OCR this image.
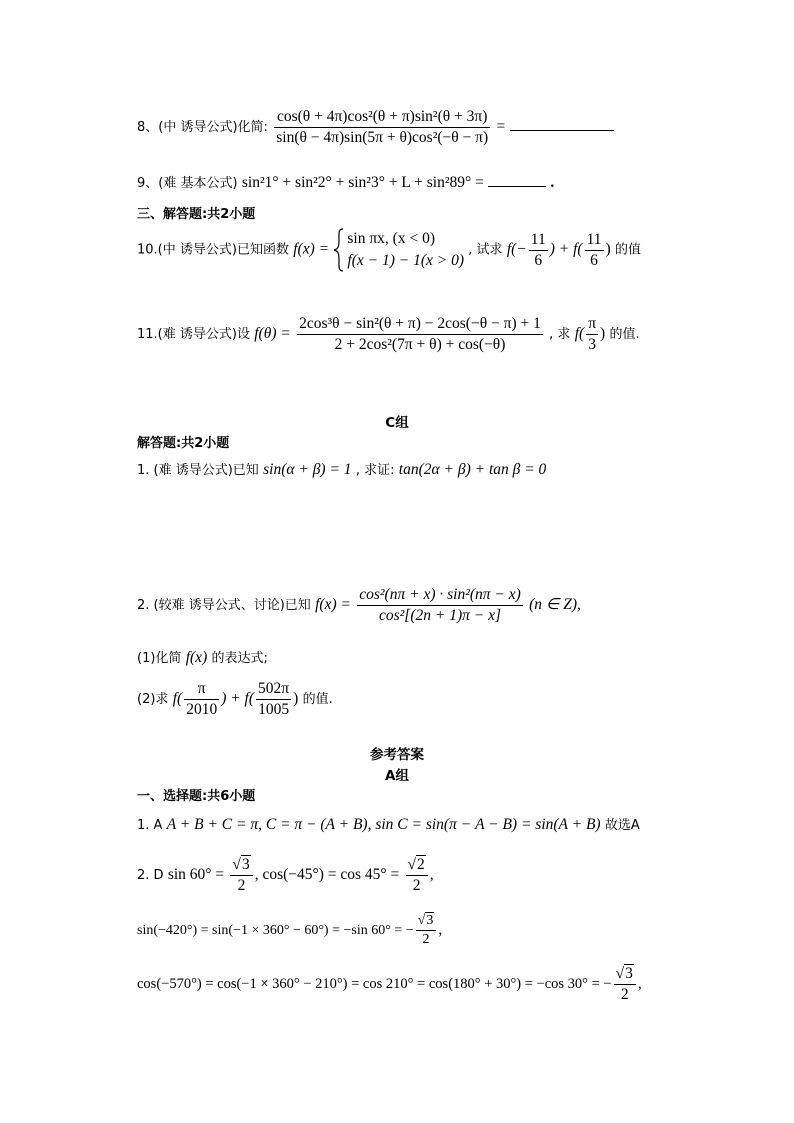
8、(中 诱导公式)化简: $\frac{\text{cos(θ + 4π)cos²(θ + π)sin²(θ + 3π)}}{\text{sin(θ − 4π)sin(5π + θ)cos²(−θ − π)}}$ =
9、(难 基本公式) sin²1° + sin²2° + sin²3° + L + sin²89° =	.
三、解答题:共2小题
10.(中 诱导公式)已知函数 f(x) =
sin πx, (x < 0)
f(x − 1) − 1(x > 0)
, 试求 $f(- \frac{11}{6}$ ) + $f( \frac{11}{6}$ ) 的值
11.(难 诱导公式)设 $f(\theta) = \frac{\text{2cos³θ − sin²(θ + π) − 2cos(−θ − π) + 1}}{\text{2 + 2cos²(7π + θ) + cos(−θ)}}$ , 求 $f( \frac{\pi}{3}$ ) 的值.
C组
解答题:共2小题
1. (难 诱导公式)已知 sin(α + β) = 1 , 求证: tan(2α + β) + tan β = 0
2. (较难 诱导公式、讨论)已知 $f(x) = \frac{\text{cos²(nπ + x) · sin²(nπ − x)}}{\text{cos²[(2n + 1)π − x]}} (n$ ∈ Z),
(1)化简 f(x) 的表达式;
(2)求 $f( \frac{\pi}{2010}$ ) + $f( \frac{502\pi}{1005}$ ) 的值.
参考答案
A组
一、选择题:共6小题
1. A A + B + C = π, C = π − (A + B), sin C = sin(π − A − B) = sin(A + B) 故选A
2. D $\sin 60^\circ = \frac{√3}{2}$ , $\cos(-45^\circ) = \cos 45^\circ = \frac{√2}{2}$ ,
sin(−420°) = sin(−1 × 360° − 60°) = −sin 60° = − $\frac{√3}{2}$ ,
cos(−570°) = cos(−1 × 360° − 210°) = cos 210° = cos(180° + 30°) = −cos 30° = − $\frac{√3}{2}$ ,
